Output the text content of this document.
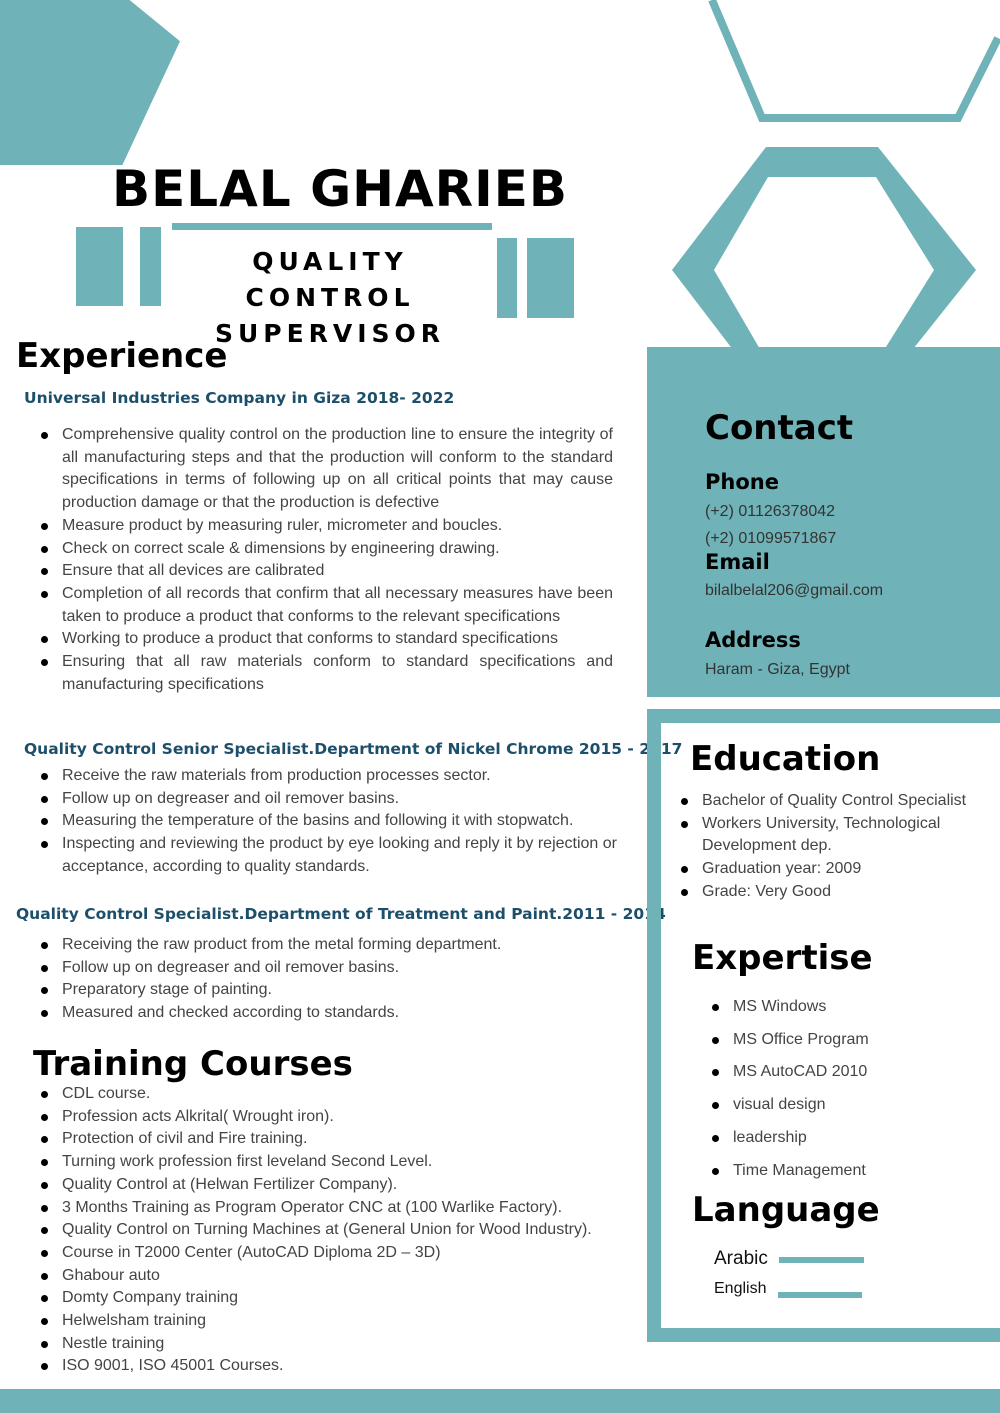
BELAL GHARIEB
QUALITY CONTROL
SUPERVISOR
Experience
Universal Industries Company in Giza 2018- 2022
Comprehensive quality control on the production line to ensure the integrity of all manufacturing steps and that the production will conform to the standard specifications in terms of following up on all critical points that may cause production damage or that the production is defective
Measure product by measuring ruler, micrometer and boucles.
Check on correct scale & dimensions by engineering drawing.
Ensure that all devices are calibrated
Completion of all records that confirm that all necessary measures have been taken to produce a product that conforms to the relevant specifications
Working to produce a product that conforms to standard specifications
Ensuring that all raw materials conform to standard specifications and manufacturing specifications
Quality Control Senior Specialist.Department of Nickel Chrome 2015 - 2017
Receive the raw materials from production processes sector.
Follow up on degreaser and oil remover basins.
Measuring the temperature of the basins and following it with stopwatch.
Inspecting and reviewing the product by eye looking and reply it by rejection or acceptance, according to quality standards.
Quality Control Specialist.Department of Treatment and Paint.2011 - 2014
Receiving the raw product from the metal forming department.
Follow up on degreaser and oil remover basins.
Preparatory stage of painting.
Measured and checked according to standards.
Training Courses
CDL course.
Profession acts Alkrital( Wrought iron).
Protection of civil and Fire training.
Turning work profession first leveland Second Level.
Quality Control at (Helwan Fertilizer Company).
3 Months Training as Program Operator CNC at (100 Warlike Factory).
Quality Control on Turning Machines at (General Union for Wood Industry).
Course in T2000 Center (AutoCAD Diploma 2D – 3D)
Ghabour auto
Domty Company training
Helwelsham training
Nestle training
ISO 9001, ISO 45001 Courses.
Contact
Phone
(+2) 01126378042
(+2) 01099571867
Email
bilalbelal206@gmail.com
Address
Haram - Giza, Egypt
Education
Bachelor of Quality Control Specialist
Workers University, Technological Development dep.
Graduation year: 2009
Grade: Very Good
Expertise
MS Windows
MS Office Program
MS AutoCAD 2010
visual design
leadership
Time Management
Language
Arabic
English
